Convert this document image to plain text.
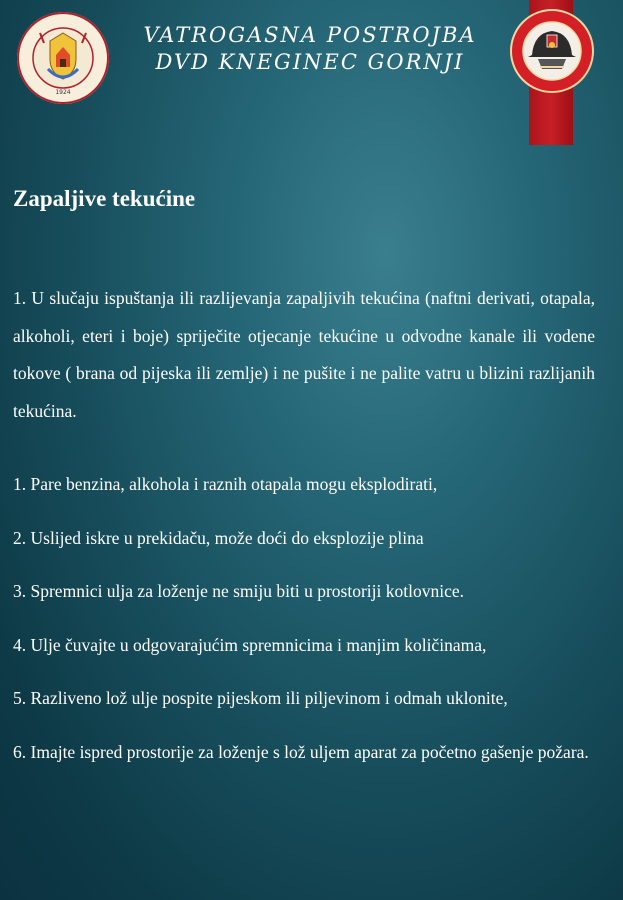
1924
VATROGASNA POSTROJBA
DVD KNEGINEC GORNJI
Zapaljive tekućine

1. U slučaju ispuštanja ili razlijevanja zapaljivih tekućina (naftni derivati, otapala, alkoholi, eteri i boje) spriječite otjecanje tekućine u odvodne kanale ili vodene tokove ( brana od pijeska ili zemlje) i ne pušite i ne palite vatru u blizini razlijanih tekućina.

1. Pare benzina, alkohola i raznih otapala mogu eksplodirati,

2. Uslijed iskre u prekidaču, može doći do eksplozije plina

3. Spremnici ulja za loženje ne smiju biti u prostoriji kotlovnice.

4. Ulje čuvajte u odgovarajućim spremnicima i manjim količinama,

5. Razliveno lož ulje pospite pijeskom ili piljevinom i odmah uklonite,

6. Imajte ispred prostorije za loženje s lož uljem aparat za početno gašenje požara.
